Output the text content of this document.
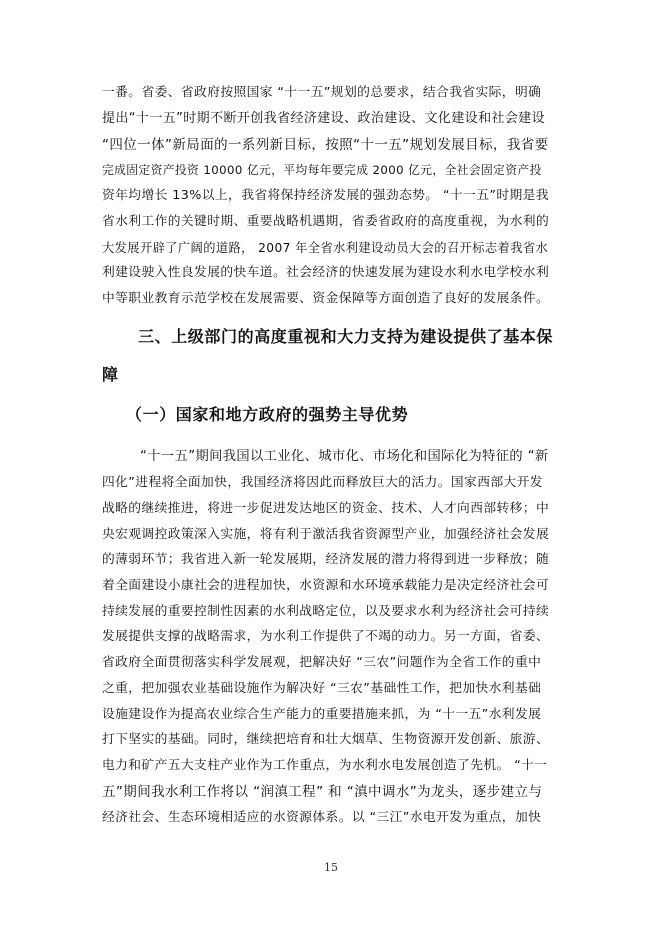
一番。省委、省政府按照国家 “十一五”规划的总要求，结合我省实际，明确

提出“十一五”时期不断开创我省经济建设、政治建设、文化建设和社会建设

“四位一体”新局面的一系列新目标，按照“十一五”规划发展目标，我省要

完成固定资产投资 10000 亿元，平均每年要完成 2000 亿元，全社会固定资产投

资年均增长 13%以上，我省将保持经济发展的强劲态势。 “十一五”时期是我

省水利工作的关键时期、重要战略机遇期，省委省政府的高度重视，为水利的

大发展开辟了广阔的道路， 2007 年全省水利建设动员大会的召开标志着我省水

利建设驶入性良发展的快车道。社会经济的快速发展为建设水利水电学校水利

中等职业教育示范学校在发展需要、资金保障等方面创造了良好的发展条件。

三、上级部门的高度重视和大力支持为建设提供了基本保
障
（一）国家和地方政府的强势主导优势

“十一五”期间我国以工业化、城市化、市场化和国际化为特征的 “新

四化”进程将全面加快，我国经济将因此而释放巨大的活力。国家西部大开发

战略的继续推进，将进一步促进发达地区的资金、技术、人才向西部转移；中

央宏观调控政策深入实施，将有利于激活我省资源型产业，加强经济社会发展

的薄弱环节；我省进入新一轮发展期，经济发展的潜力将得到进一步释放；随

着全面建设小康社会的进程加快，水资源和水环境承载能力是决定经济社会可

持续发展的重要控制性因素的水利战略定位，以及要求水利为经济社会可持续

发展提供支撑的战略需求，为水利工作提供了不竭的动力。另一方面，省委、

省政府全面贯彻落实科学发展观，把解决好 “三农”问题作为全省工作的重中

之重，把加强农业基础设施作为解决好 “三农”基础性工作，把加快水利基础

设施建设作为提高农业综合生产能力的重要措施来抓，为 “十一五”水利发展

打下坚实的基础。同时，继续把培育和壮大烟草、生物资源开发创新、旅游、

电力和矿产五大支柱产业作为工作重点，为水利水电发展创造了先机。 “十一

五”期间我水利工作将以 “润滇工程” 和 “滇中调水”为龙头，逐步建立与

经济社会、生态环境相适应的水资源体系。以 “三江”水电开发为重点，加快

15
